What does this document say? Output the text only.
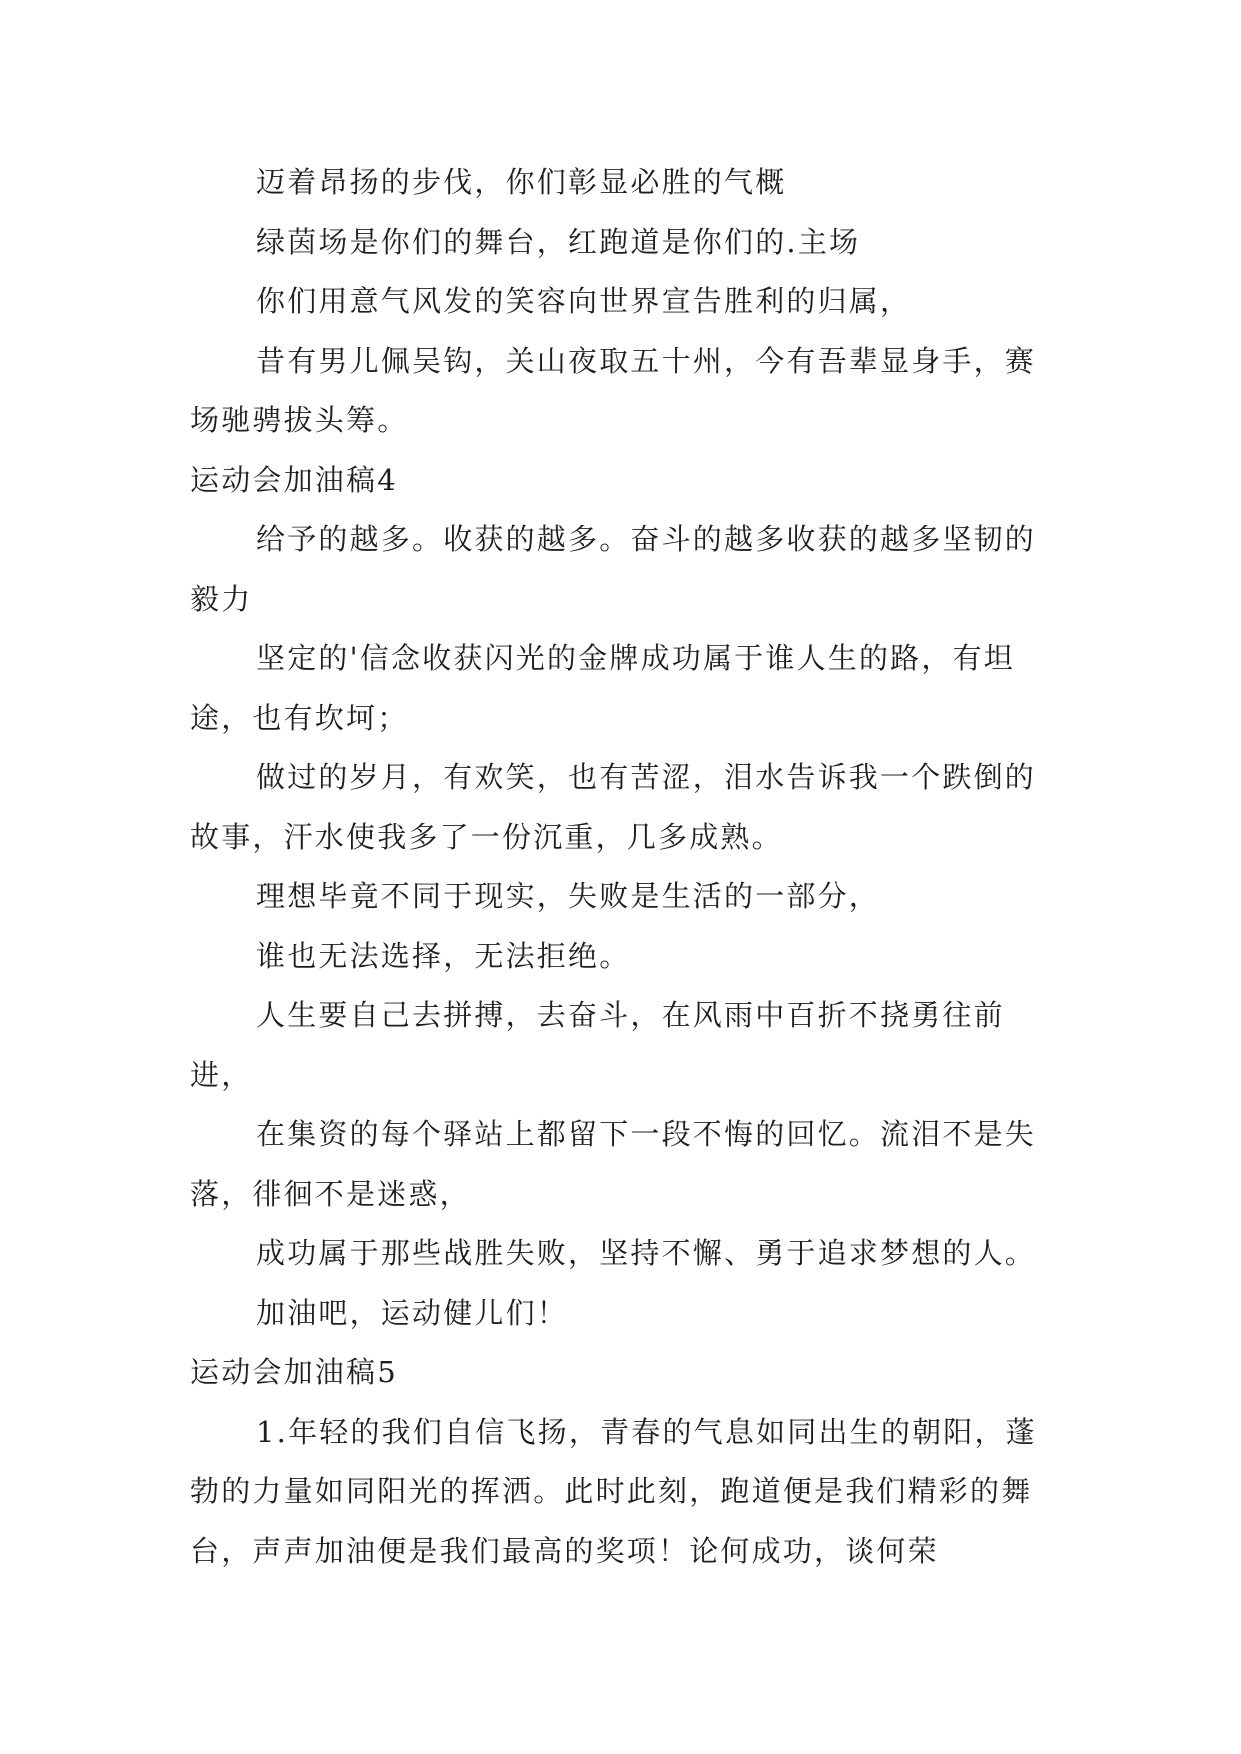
迈着昂扬的步伐，你们彰显必胜的气概

绿茵场是你们的舞台，红跑道是你们的.主场

你们用意气风发的笑容向世界宣告胜利的归属，

昔有男儿佩吴钩，关山夜取五十州，今有吾辈显身手，赛场驰骋拔头筹。

运动会加油稿4

给予的越多。收获的越多。奋斗的越多收获的越多坚韧的毅力

坚定的'信念收获闪光的金牌成功属于谁人生的路，有坦途，也有坎坷；

做过的岁月，有欢笑，也有苦涩，泪水告诉我一个跌倒的故事，汗水使我多了一份沉重，几多成熟。

理想毕竟不同于现实，失败是生活的一部分，

谁也无法选择，无法拒绝。

人生要自己去拼搏，去奋斗，在风雨中百折不挠勇往前进，

在集资的每个驿站上都留下一段不悔的回忆。流泪不是失落，徘徊不是迷惑，

成功属于那些战胜失败，坚持不懈、勇于追求梦想的人。

加油吧，运动健儿们！

运动会加油稿5

1.年轻的我们自信飞扬，青春的气息如同出生的朝阳，蓬勃的力量如同阳光的挥洒。此时此刻，跑道便是我们精彩的舞台，声声加油便是我们最高的奖项！论何成功，谈何荣
